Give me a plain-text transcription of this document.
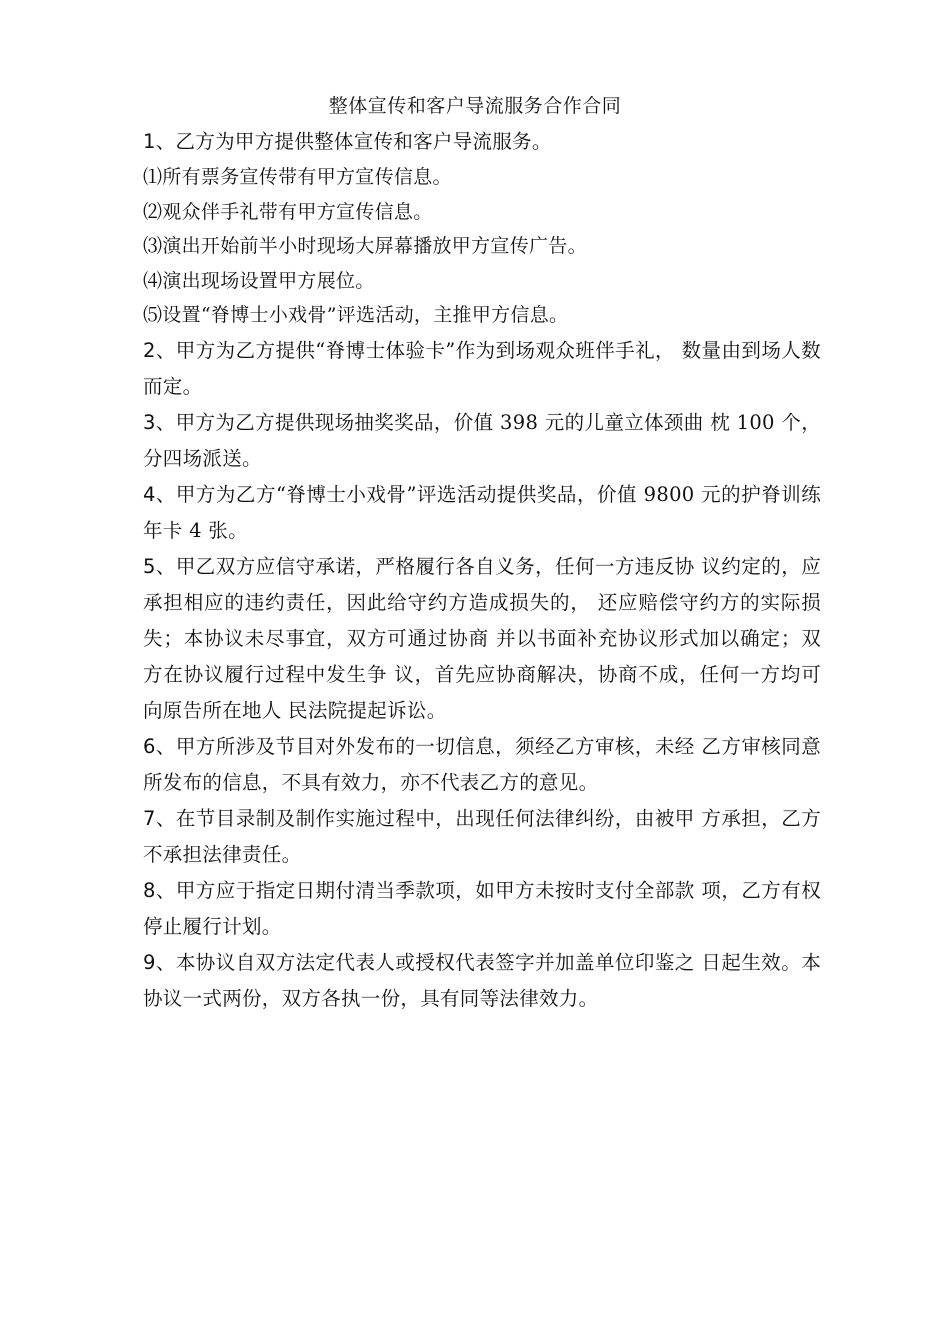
整体宣传和客户导流服务合作合同

1、乙方为甲方提供整体宣传和客户导流服务。

⑴所有票务宣传带有甲方宣传信息。

⑵观众伴手礼带有甲方宣传信息。

⑶演出开始前半小时现场大屏幕播放甲方宣传广告。

⑷演出现场设置甲方展位。

⑸设置“脊博士小戏骨”评选活动，主推甲方信息。

2、甲方为乙方提供“脊博士体验卡”作为到场观众班伴手礼， 数量由到场人数而定。

3、甲方为乙方提供现场抽奖奖品，价值 398 元的儿童立体颈曲 枕 100 个，分四场派送。

4、甲方为乙方“脊博士小戏骨”评选活动提供奖品，价值 9800 元的护脊训练年卡 4 张。

5、甲乙双方应信守承诺，严格履行各自义务，任何一方违反协 议约定的，应承担相应的违约责任，因此给守约方造成损失的， 还应赔偿守约方的实际损失；本协议未尽事宜，双方可通过协商 并以书面补充协议形式加以确定；双方在协议履行过程中发生争 议，首先应协商解决，协商不成，任何一方均可向原告所在地人 民法院提起诉讼。

6、甲方所涉及节目对外发布的一切信息，须经乙方审核，未经 乙方审核同意所发布的信息，不具有效力，亦不代表乙方的意见。

7、在节目录制及制作实施过程中，出现任何法律纠纷，由被甲 方承担，乙方不承担法律责任。

8、甲方应于指定日期付清当季款项，如甲方未按时支付全部款 项，乙方有权停止履行计划。

9、本协议自双方法定代表人或授权代表签字并加盖单位印鉴之 日起生效。本协议一式两份，双方各执一份，具有同等法律效力。
